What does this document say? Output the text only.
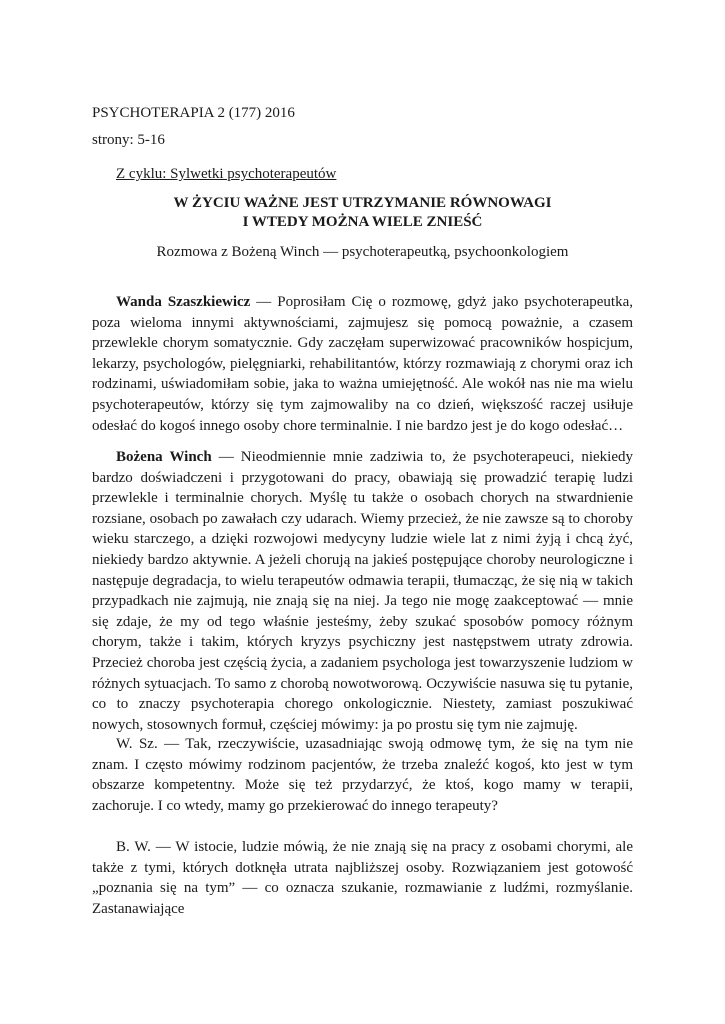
PSYCHOTERAPIA 2 (177) 2016
strony: 5-16
Z cyklu: Sylwetki psychoterapeutów
W ŻYCIU WAŻNE JEST UTRZYMANIE RÓWNOWAGI
I WTEDY MOŻNA WIELE ZNIEŚĆ
Rozmowa z Bożeną Winch — psychoterapeutką, psychoonkologiem

Wanda Szaszkiewicz — Poprosiłam Cię o rozmowę, gdyż jako psychoterapeutka, poza wieloma innymi aktywnościami, zajmujesz się pomocą poważnie, a czasem przewlekle chorym somatycznie. Gdy zaczęłam superwizować pracowników hospicjum, lekarzy, psychologów, pielęgniarki, rehabilitantów, którzy rozmawiają z chorymi oraz ich rodzinami, uświadomiłam sobie, jaka to ważna umiejętność. Ale wokół nas nie ma wielu psychoterapeutów, którzy się tym zajmowaliby na co dzień, większość raczej usiłuje odesłać do kogoś innego osoby chore terminalnie. I nie bardzo jest je do kogo odesłać…

Bożena Winch — Nieodmiennie mnie zadziwia to, że psychoterapeuci, niekiedy bardzo doświadczeni i przygotowani do pracy, obawiają się prowadzić terapię ludzi przewlekle i terminalnie chorych. Myślę tu także o osobach chorych na stwardnienie rozsiane, osobach po zawałach czy udarach. Wiemy przecież, że nie zawsze są to choroby wieku starczego, a dzięki rozwojowi medycyny ludzie wiele lat z nimi żyją i chcą żyć, niekiedy bardzo aktywnie. A jeżeli chorują na jakieś postępujące choroby neurologiczne i następuje degradacja, to wielu terapeutów odmawia terapii, tłumacząc, że się nią w takich przypadkach nie zajmują, nie znają się na niej. Ja tego nie mogę zaakceptować — mnie się zdaje, że my od tego właśnie jesteśmy, żeby szukać sposobów pomocy różnym chorym, także i takim, których kryzys psychiczny jest następstwem utraty zdrowia. Przecież choroba jest częścią życia, a zadaniem psychologa jest towarzyszenie ludziom w różnych sytuacjach. To samo z chorobą nowotworową. Oczywiście nasuwa się tu pytanie, co to znaczy psychoterapia chorego onkologicznie. Niestety, zamiast poszukiwać nowych, stosownych formuł, częściej mówimy: ja po prostu się tym nie zajmuję.

W. Sz. — Tak, rzeczywiście, uzasadniając swoją odmowę tym, że się na tym nie znam. I często mówimy rodzinom pacjentów, że trzeba znaleźć kogoś, kto jest w tym obszarze kompetentny. Może się też przydarzyć, że ktoś, kogo mamy w terapii, zachoruje. I co wtedy, mamy go przekierować do innego terapeuty?

B. W. — W istocie, ludzie mówią, że nie znają się na pracy z osobami chorymi, ale także z tymi, których dotknęła utrata najbliższej osoby. Rozwiązaniem jest gotowość „poznania się na tym” — co oznacza szukanie, rozmawianie z ludźmi, rozmyślanie. Zastanawiające
